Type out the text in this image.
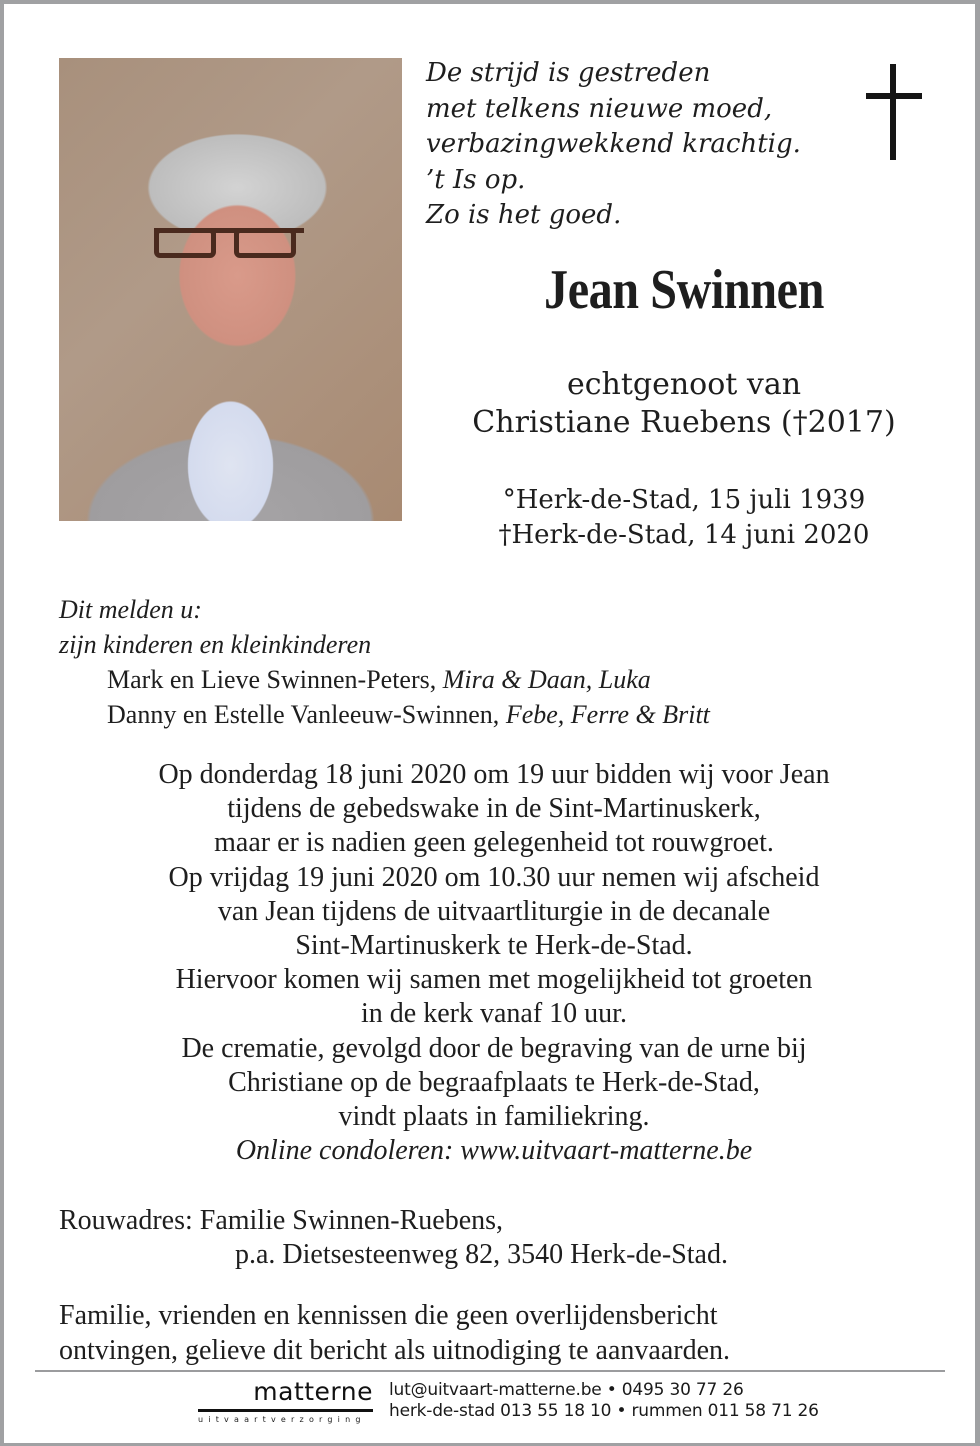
De strijd is gestreden
met telkens nieuwe moed,
verbazingwekkend krachtig.
’t Is op.
Zo is het goed.
Jean Swinnen
echtgenoot van
Christiane Ruebens (†2017)
°Herk-de-Stad, 15 juli 1939
†Herk-de-Stad, 14 juni 2020
Dit melden u:
zijn kinderen en kleinkinderen
Mark en Lieve Swinnen-Peters, Mira & Daan, Luka
Danny en Estelle Vanleeuw-Swinnen, Febe, Ferre & Britt
Op donderdag 18 juni 2020 om 19 uur bidden wij voor Jean
tijdens de gebedswake in de Sint-Martinuskerk,
maar er is nadien geen gelegenheid tot rouwgroet.
Op vrijdag 19 juni 2020 om 10.30 uur nemen wij afscheid
van Jean tijdens de uitvaartliturgie in de decanale
Sint-Martinuskerk te Herk-de-Stad.
Hiervoor komen wij samen met mogelijkheid tot groeten
in de kerk vanaf 10 uur.
De crematie, gevolgd door de begraving van de urne bij
Christiane op de begraafplaats te Herk-de-Stad,
vindt plaats in familiekring.
Online condoleren: www.uitvaart-matterne.be
Rouwadres: Familie Swinnen-Ruebens,
p.a. Dietsesteenweg 82, 3540 Herk-de-Stad.
Familie, vrienden en kennissen die geen overlijdensbericht
ontvingen, gelieve dit bericht als uitnodiging te aanvaarden.
matterne
uitvaartverzorging
lut@uitvaart-matterne.be • 0495 30 77 26
herk-de-stad 013 55 18 10 • rummen 011 58 71 26
